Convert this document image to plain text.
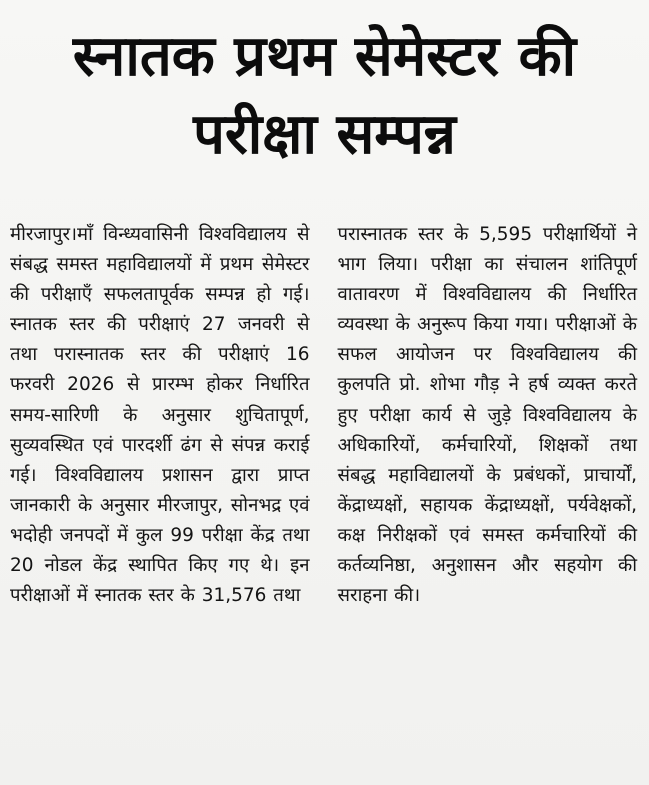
स्नातक प्रथम सेमेस्टर की
परीक्षा सम्पन्न

मीरजापुर।माँ विन्ध्यवासिनी विश्वविद्यालय से संबद्ध समस्त महाविद्यालयों में प्रथम सेमेस्टर की परीक्षाएँ सफलतापूर्वक सम्पन्न हो गई। स्नातक स्तर की परीक्षाएं 27 जनवरी से तथा परास्नातक स्तर की परीक्षाएं 16 फरवरी 2026 से प्रारम्भ होकर निर्धारित समय-सारिणी के अनुसार शुचितापूर्ण, सुव्यवस्थित एवं पारदर्शी ढंग से संपन्न कराई गई। विश्वविद्यालय प्रशासन द्वारा प्राप्त जानकारी के अनुसार मीरजापुर, सोनभद्र एवं भदोही जनपदों में कुल 99 परीक्षा केंद्र तथा 20 नोडल केंद्र स्थापित किए गए थे। इन परीक्षाओं में स्नातक स्तर के 31,576 तथा

परास्नातक स्तर के 5,595 परीक्षार्थियों ने भाग लिया। परीक्षा का संचालन शांतिपूर्ण वातावरण में विश्वविद्यालय की निर्धारित व्यवस्था के अनुरूप किया गया। परीक्षाओं के सफल आयोजन पर विश्वविद्यालय की कुलपति प्रो. शोभा गौड़ ने हर्ष व्यक्त करते हुए परीक्षा कार्य से जुड़े विश्वविद्यालय के अधिकारियों, कर्मचारियों, शिक्षकों तथा संबद्ध महाविद्यालयों के प्रबंधकों, प्राचार्यों, केंद्राध्यक्षों, सहायक केंद्राध्यक्षों, पर्यवेक्षकों, कक्ष निरीक्षकों एवं समस्त कर्मचारियों की कर्तव्यनिष्ठा, अनुशासन और सहयोग की सराहना की।
